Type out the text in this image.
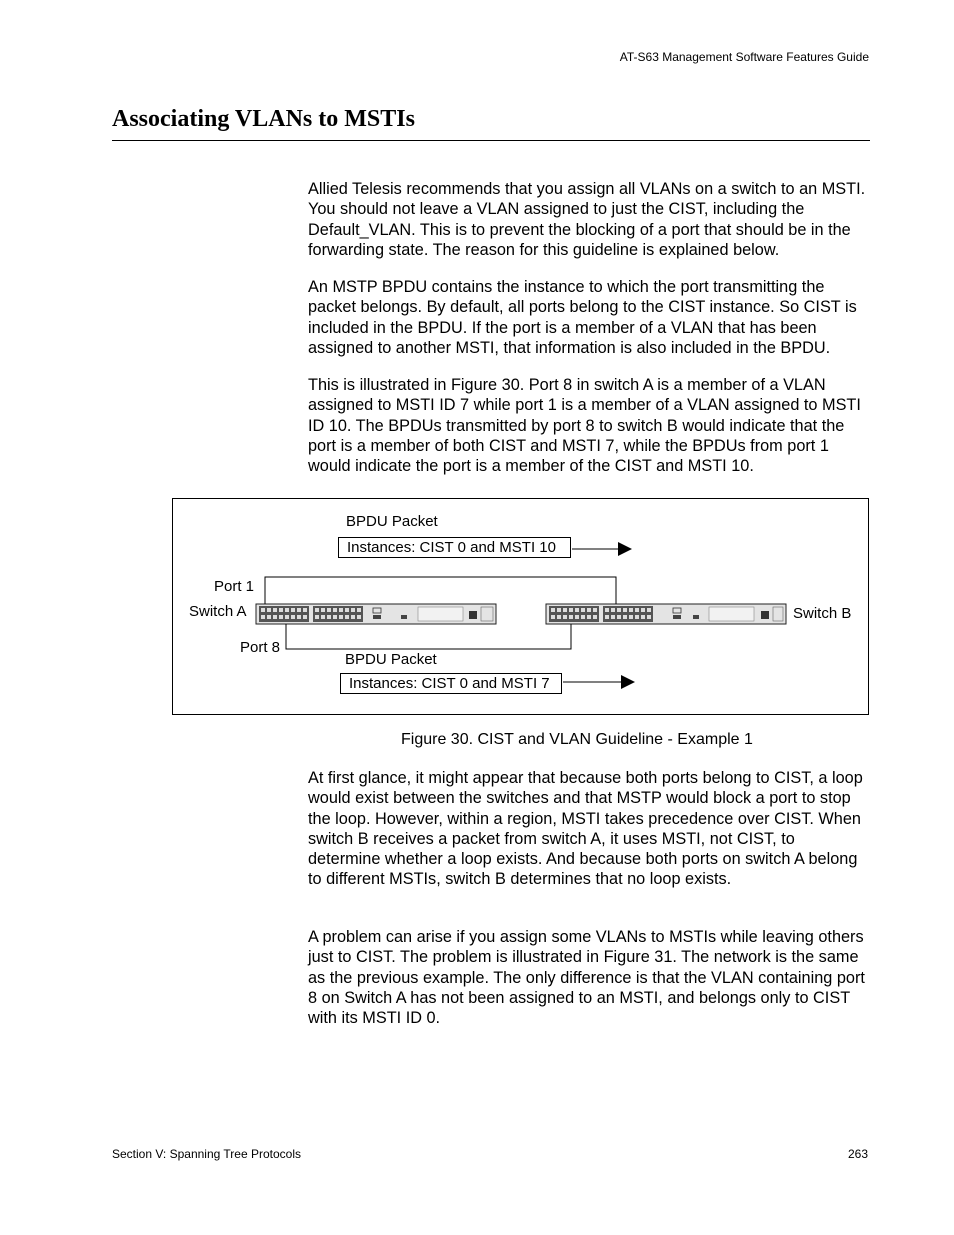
AT-S63 Management Software Features Guide
Associating VLANs to MSTIs

Allied Telesis recommends that you assign all VLANs on a switch to an MSTI. You should not leave a VLAN assigned to just the CIST, including the Default_VLAN. This is to prevent the blocking of a port that should be in the forwarding state. The reason for this guideline is explained below.

An MSTP BPDU contains the instance to which the port transmitting the packet belongs. By default, all ports belong to the CIST instance. So CIST is included in the BPDU. If the port is a member of a VLAN that has been assigned to another MSTI, that information is also included in the BPDU.

This is illustrated in Figure 30. Port 8 in switch A is a member of a VLAN assigned to MSTI ID 7 while port 1 is a member of a VLAN assigned to MSTI ID 10. The BPDUs transmitted by port 8 to switch B would indicate that the port is a member of both CIST and MSTI 7, while the BPDUs from port 1 would indicate the port is a member of the CIST and MSTI 10.

BPDU Packet
Instances: CIST 0 and MSTI 10
Port 1
Switch A	Switch B
Port 8
BPDU Packet
Instances: CIST 0 and MSTI 7
Figure 30. CIST and VLAN Guideline - Example 1

At first glance, it might appear that because both ports belong to CIST, a loop would exist between the switches and that MSTP would block a port to stop the loop. However, within a region, MSTI takes precedence over CIST. When switch B receives a packet from switch A, it uses MSTI, not CIST, to determine whether a loop exists. And because both ports on switch A belong to different MSTIs, switch B determines that no loop exists.

A problem can arise if you assign some VLANs to MSTIs while leaving others just to CIST. The problem is illustrated in Figure 31. The network is the same as the previous example. The only difference is that the VLAN containing port 8 on Switch A has not been assigned to an MSTI, and belongs only to CIST with its MSTI ID 0.

Section V: Spanning Tree Protocols	263
